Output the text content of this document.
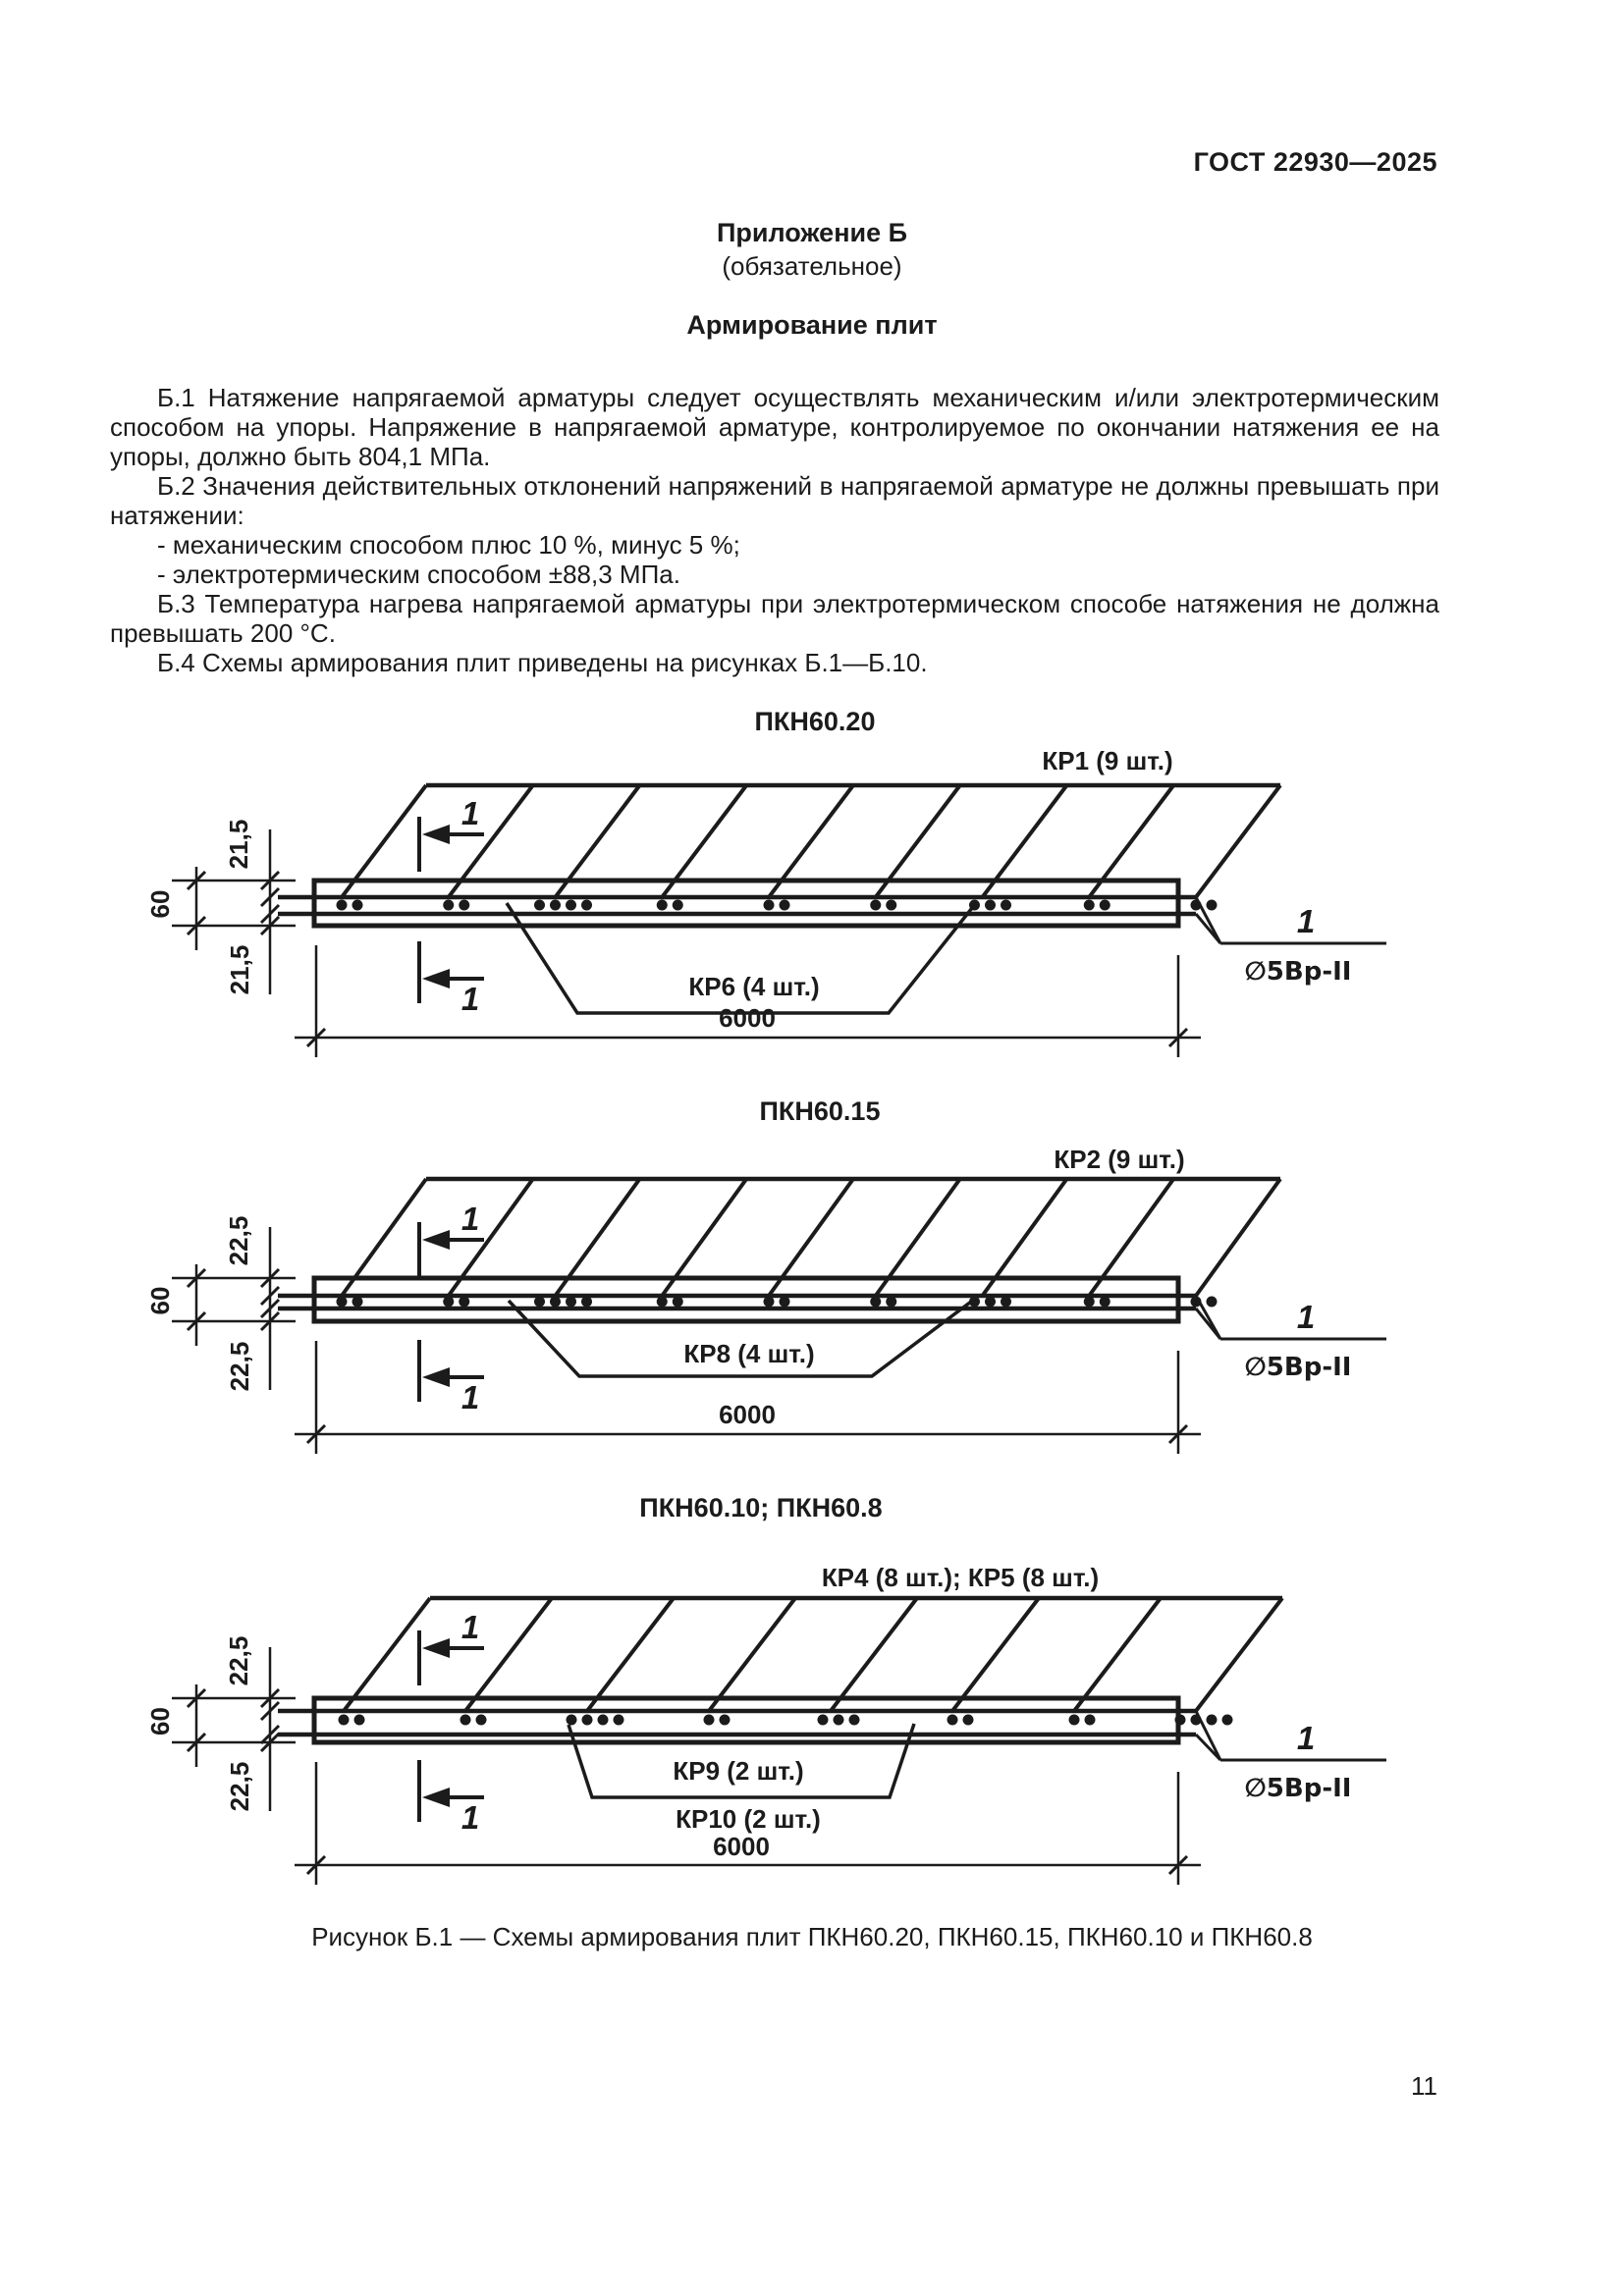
ГОСТ 22930—2025
Приложение Б
(обязательное)
Армирование плит

Б.1 Натяжение напрягаемой арматуры следует осуществлять механическим и/или электротермическим способом на упоры. Напряжение в напрягаемой арматуре, контролируемое по окончании натяжения ее на упоры, должно быть 804,1 МПа.

Б.2 Значения действительных отклонений напряжений в напрягаемой арматуре не должны превышать при натяжении:

- механическим способом плюс 10 %, минус 5 %;

- электротермическим способом ±88,3 МПа.

Б.3 Температура нагрева напрягаемой арматуры при электротермическом способе натяжения не должна превышать 200 °С.

Б.4 Схемы армирования плит приведены на рисунках Б.1—Б.10.

ПКН60.20
КР1 (9 шт.)
КР6 (4 шт.)
21,5
60
21,5
1
1
1
∅5Вр-II
6000
ПКН60.15
КР2 (9 шт.)
КР8 (4 шт.)
22,5
60
22,5
1
1
1
∅5Вр-II
6000
ПКН60.10; ПКН60.8
КР4 (8 шт.); КР5 (8 шт.)
КР9 (2 шт.)
КР10 (2 шт.)
22,5
60
22,5
1
1
1
∅5Вр-II
6000
Рисунок Б.1 — Схемы армирования плит ПКН60.20, ПКН60.15, ПКН60.10 и ПКН60.8
11
